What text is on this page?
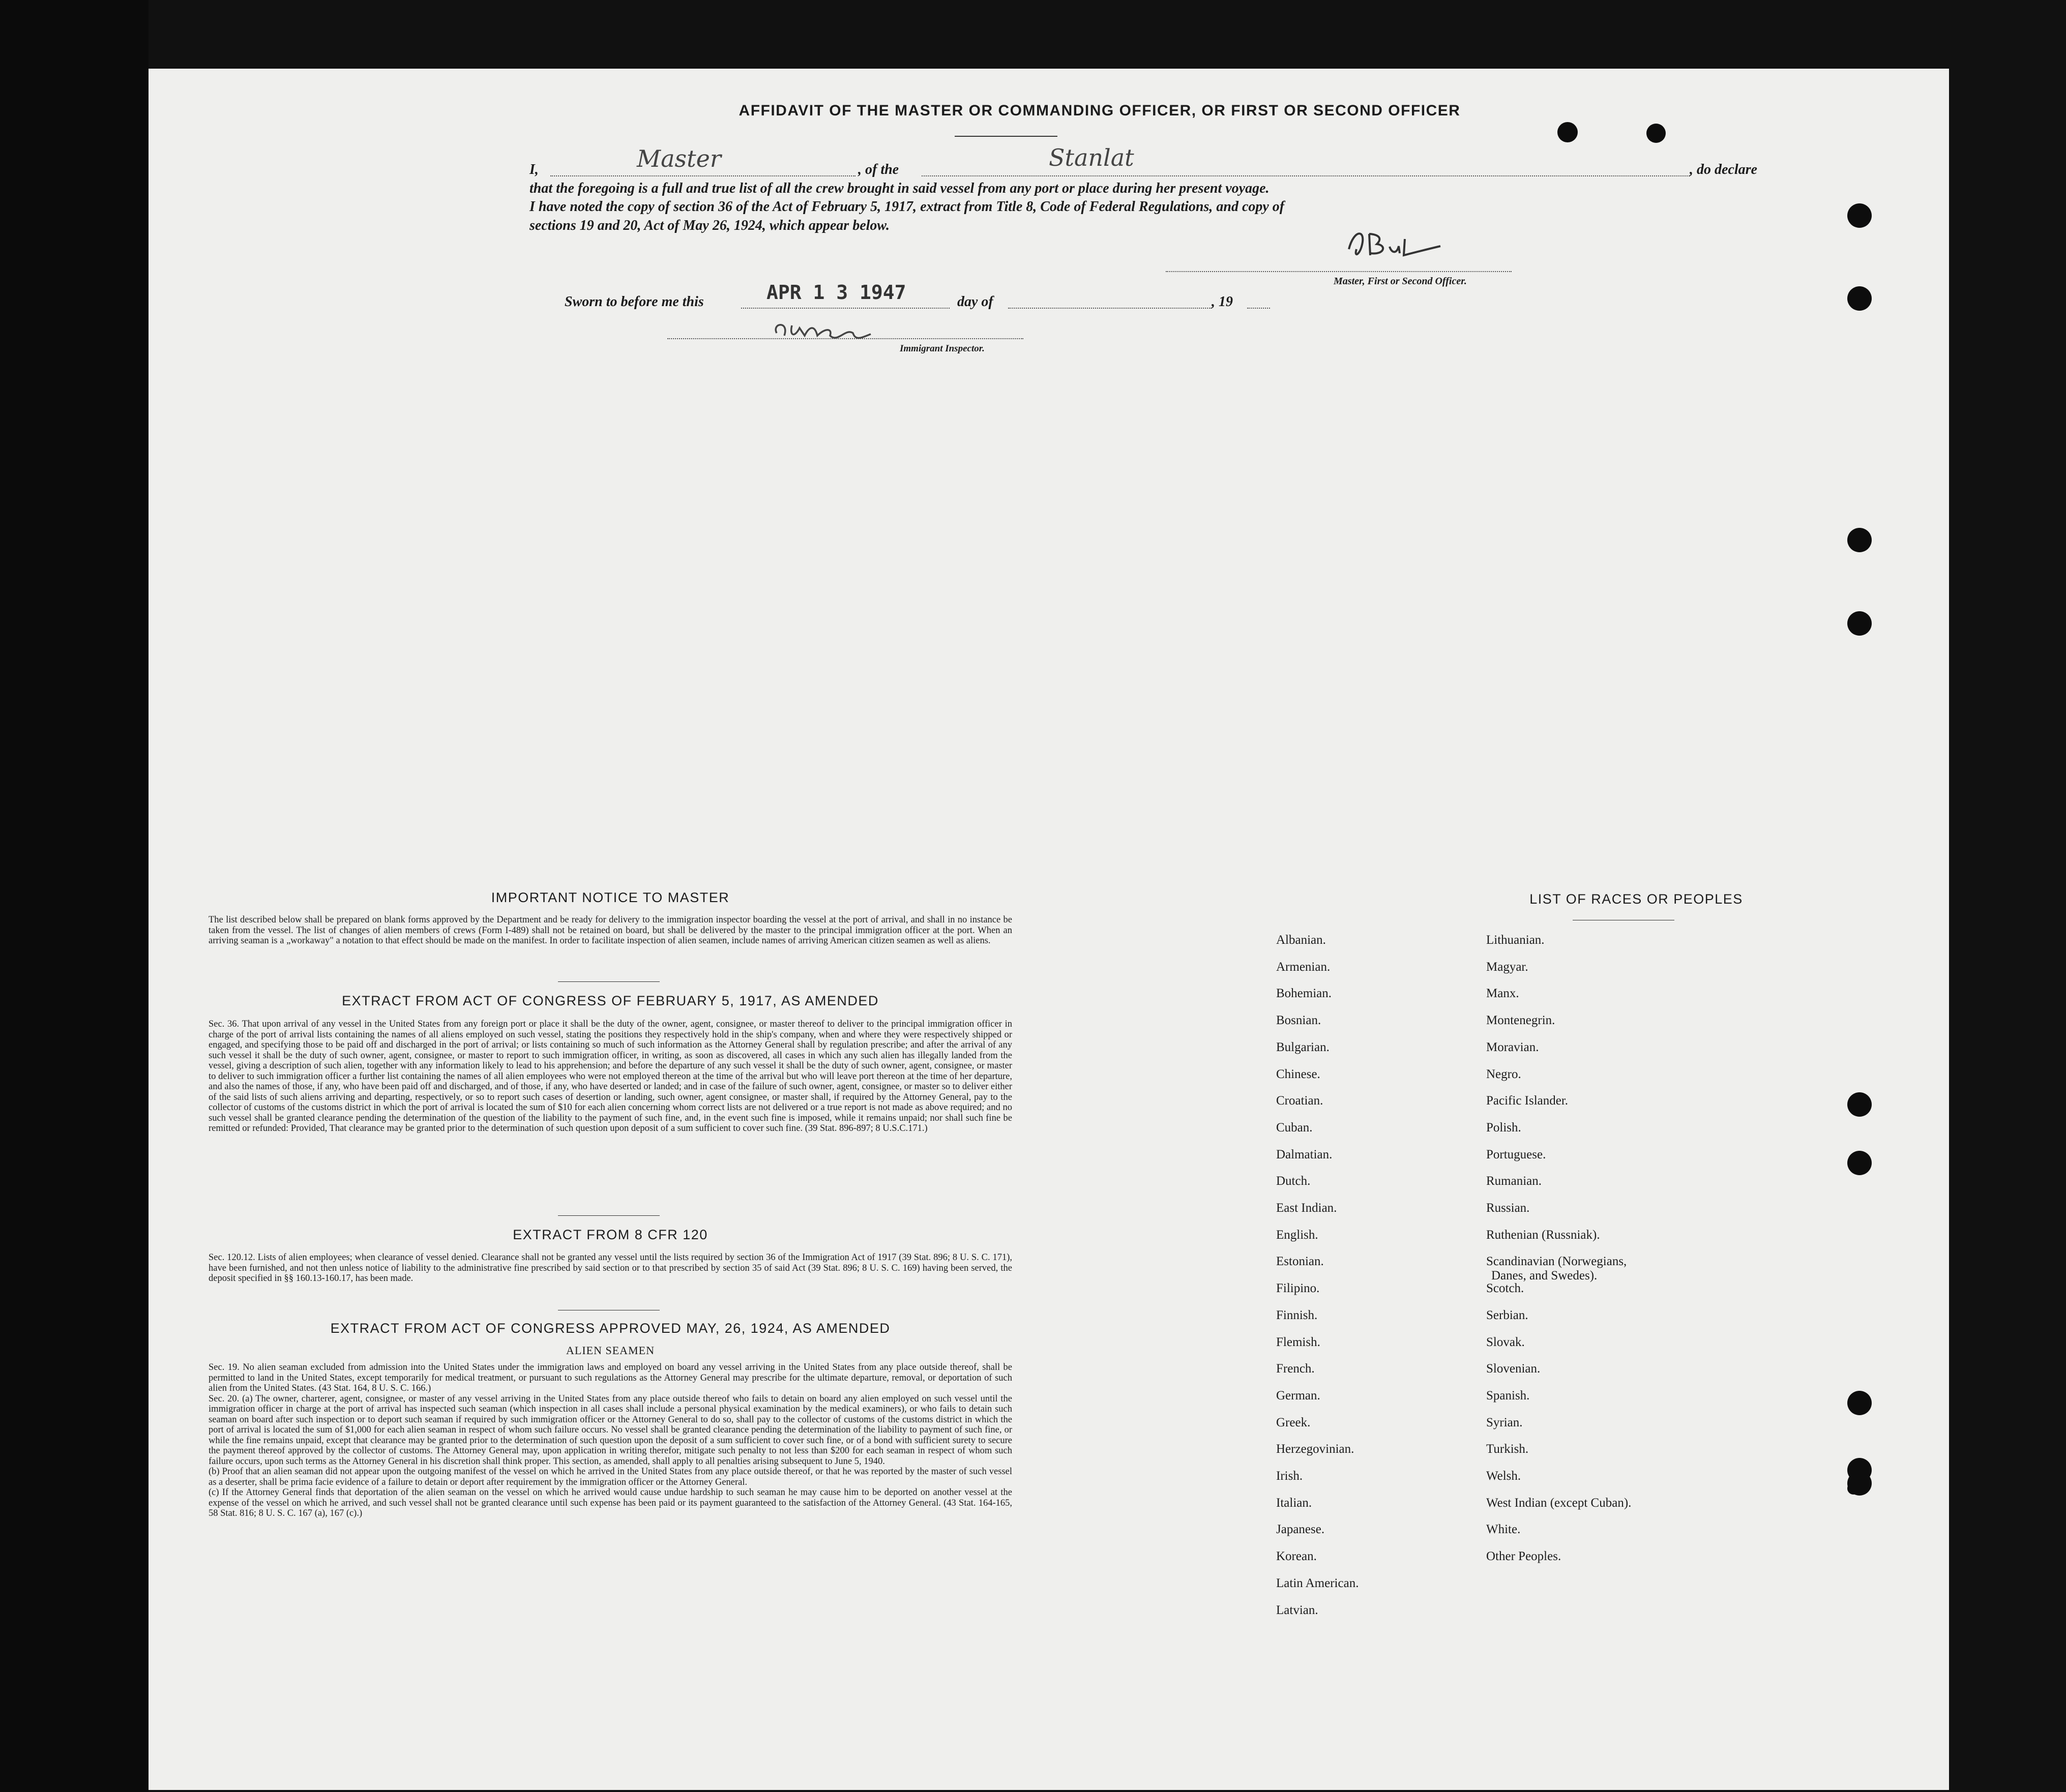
AFFIDAVIT OF THE MASTER OR COMMANDING OFFICER, OR FIRST OR SECOND OFFICER
I,	Master	, of the	Stanlat	, do declare
that the foregoing is a full and true list of all the crew brought in said vessel from any port or place during her present voyage.
I have noted the copy of section 36 of the Act of February 5, 1917, extract from Title 8, Code of Federal Regulations, and copy of
sections 19 and 20, Act of May 26, 1924, which appear below.
Master, First or Second Officer.
Sworn to before me this	APR 1 3 1947	day of	, 19
Immigrant Inspector.
IMPORTANT NOTICE TO MASTER
The list described below shall be prepared on blank forms approved by the Department and be ready for delivery to the immigration inspector boarding the vessel at the port of arrival, and shall in no instance be taken from the vessel. The list of changes of alien members of crews (Form I-489) shall not be retained on board, but shall be delivered by the master to the principal immigration officer at the port. When an arriving seaman is a „workaway" a notation to that effect should be made on the manifest. In order to facilitate inspection of alien seamen, include names of arriving American citizen seamen as well as aliens.
EXTRACT FROM ACT OF CONGRESS OF FEBRUARY 5, 1917, AS AMENDED
Sec. 36. That upon arrival of any vessel in the United States from any foreign port or place it shall be the duty of the owner, agent, consignee, or master thereof to deliver to the principal immigration officer in charge of the port of arrival lists containing the names of all aliens employed on such vessel, stating the positions they respectively hold in the ship's company, when and where they were respectively shipped or engaged, and specifying those to be paid off and discharged in the port of arrival; or lists containing so much of such information as the Attorney General shall by regulation prescribe; and after the arrival of any such vessel it shall be the duty of such owner, agent, consignee, or master to report to such immigration officer, in writing, as soon as discovered, all cases in which any such alien has illegally landed from the vessel, giving a description of such alien, together with any information likely to lead to his apprehension; and before the departure of any such vessel it shall be the duty of such owner, agent, consignee, or master to deliver to such immigration officer a further list containing the names of all alien employees who were not employed thereon at the time of the arrival but who will leave port thereon at the time of her departure, and also the names of those, if any, who have been paid off and discharged, and of those, if any, who have deserted or landed; and in case of the failure of such owner, agent, consignee, or master so to deliver either of the said lists of such aliens arriving and departing, respectively, or so to report such cases of desertion or landing, such owner, agent consignee, or master shall, if required by the Attorney General, pay to the collector of customs of the customs district in which the port of arrival is located the sum of $10 for each alien concerning whom correct lists are not delivered or a true report is not made as above required; and no such vessel shall be granted clearance pending the determination of the question of the liability to the payment of such fine, and, in the event such fine is imposed, while it remains unpaid; nor shall such fine be remitted or refunded: Provided, That clearance may be granted prior to the determination of such question upon deposit of a sum sufficient to cover such fine. (39 Stat. 896-897; 8 U.S.C.171.)
EXTRACT FROM 8 CFR 120
Sec. 120.12. Lists of alien employees; when clearance of vessel denied. Clearance shall not be granted any vessel until the lists required by section 36 of the Immigration Act of 1917 (39 Stat. 896; 8 U. S. C. 171), have been furnished, and not then unless notice of liability to the administrative fine prescribed by said section or to that prescribed by section 35 of said Act (39 Stat. 896; 8 U. S. C. 169) having been served, the deposit specified in §§ 160.13-160.17, has been made.
EXTRACT FROM ACT OF CONGRESS APPROVED MAY, 26, 1924, AS AMENDED
ALIEN SEAMEN
Sec. 19. No alien seaman excluded from admission into the United States under the immigration laws and employed on board any vessel arriving in the United States from any place outside thereof, shall be permitted to land in the United States, except temporarily for medical treatment, or pursuant to such regulations as the Attorney General may prescribe for the ultimate departure, removal, or deportation of such alien from the United States. (43 Stat. 164, 8 U. S. C. 166.)
Sec. 20. (a) The owner, charterer, agent, consignee, or master of any vessel arriving in the United States from any place outside thereof who fails to detain on board any alien employed on such vessel until the immigration officer in charge at the port of arrival has inspected such seaman (which inspection in all cases shall include a personal physical examination by the medical examiners), or who fails to detain such seaman on board after such inspection or to deport such seaman if required by such immigration officer or the Attorney General to do so, shall pay to the collector of customs of the customs district in which the port of arrival is located the sum of $1,000 for each alien seaman in respect of whom such failure occurs. No vessel shall be granted clearance pending the determination of the liability to payment of such fine, or while the fine remains unpaid, except that clearance may be granted prior to the determination of such question upon the deposit of a sum sufficient to cover such fine, or of a bond with sufficient surety to secure the payment thereof approved by the collector of customs. The Attorney General may, upon application in writing therefor, mitigate such penalty to not less than $200 for each seaman in respect of whom such failure occurs, upon such terms as the Attorney General in his discretion shall think proper. This section, as amended, shall apply to all penalties arising subsequent to June 5, 1940.
(b) Proof that an alien seaman did not appear upon the outgoing manifest of the vessel on which he arrived in the United States from any place outside thereof, or that he was reported by the master of such vessel as a deserter, shall be prima facie evidence of a failure to detain or deport after requirement by the immigration officer or the Attorney General.
(c) If the Attorney General finds that deportation of the alien seaman on the vessel on which he arrived would cause undue hardship to such seaman he may cause him to be deported on another vessel at the expense of the vessel on which he arrived, and such vessel shall not be granted clearance until such expense has been paid or its payment guaranteed to the satisfaction of the Attorney General. (43 Stat. 164-165, 58 Stat. 816; 8 U. S. C. 167 (a), 167 (c).)
LIST OF RACES OR PEOPLES
Albanian.
Armenian.
Bohemian.
Bosnian.
Bulgarian.
Chinese.
Croatian.
Cuban.
Dalmatian.
Dutch.
East Indian.
English.
Estonian.
Filipino.
Finnish.
Flemish.
French.
German.
Greek.
Herzegovinian.
Irish.
Italian.
Japanese.
Korean.
Latin American.
Latvian.
Lithuanian.
Magyar.
Manx.
Montenegrin.
Moravian.
Negro.
Pacific Islander.
Polish.
Portuguese.
Rumanian.
Russian.
Ruthenian (Russniak).
Scandinavian (Norwegians,
Danes, and Swedes).
Scotch.
Serbian.
Slovak.
Slovenian.
Spanish.
Syrian.
Turkish.
Welsh.
West Indian (except Cuban).
White.
Other Peoples.
